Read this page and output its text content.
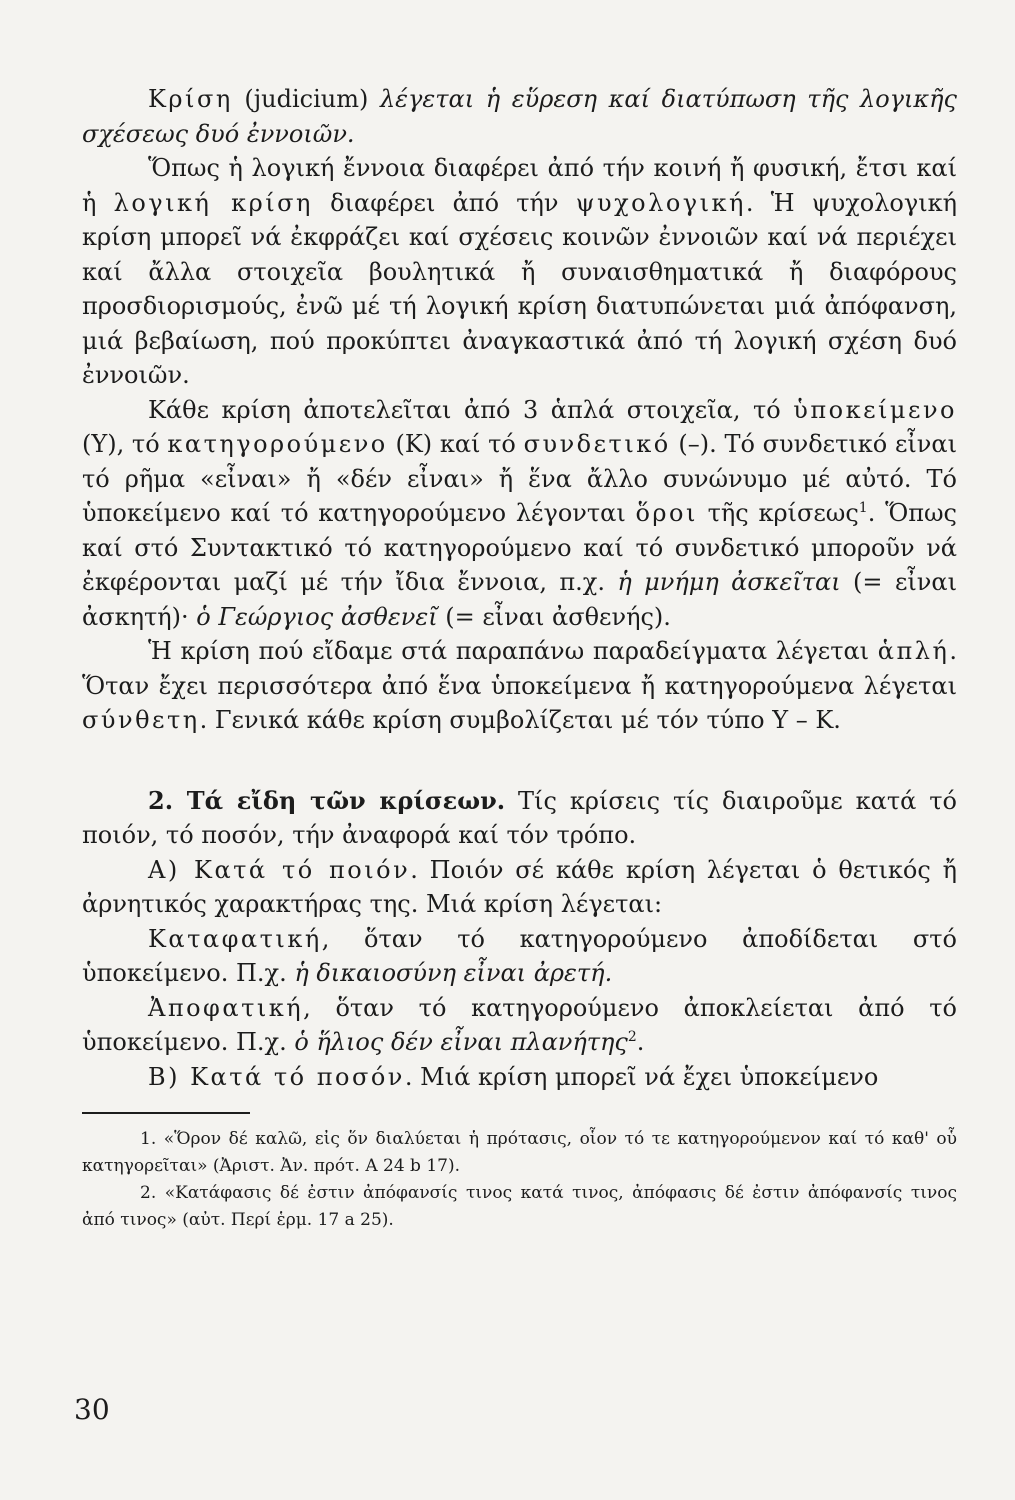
Κρίση (judicium) λέγεται ἡ εὕρεση καί διατύπωση τῆς λογικῆς σχέσεως δυό ἐννοιῶν.

Ὅπως ἡ λογική ἔννοια διαφέρει ἀπό τήν κοινή ἤ φυσική, ἔτσι καί ἡ λογική κρίση διαφέρει ἀπό τήν ψυχολογική. Ἡ ψυχολογική κρίση μπορεῖ νά ἐκφράζει καί σχέσεις κοινῶν ἐννοιῶν καί νά περιέχει καί ἄλλα στοιχεῖα βουλητικά ἤ συναισθηματικά ἤ διαφόρους προσδιορισμούς, ἐνῶ μέ τή λογική κρίση διατυπώνεται μιά ἀπόφανση, μιά βεβαίωση, πού προκύπτει ἀναγκαστικά ἀπό τή λογική σχέση δυό ἐννοιῶν.

Κάθε κρίση ἀποτελεῖται ἀπό 3 ἁπλά στοιχεῖα, τό ὑποκείμενο (Υ), τό κατηγορούμενο (Κ) καί τό συνδετικό (–). Τό συνδετικό εἶναι τό ρῆμα «εἶναι» ἤ «δέν εἶναι» ἤ ἕνα ἄλλο συνώνυμο μέ αὐτό. Τό ὑποκείμενο καί τό κατηγορούμενο λέγονται ὅροι τῆς κρίσεως$^1$. Ὅπως καί στό Συντακτικό τό κατηγορούμενο καί τό συνδετικό μποροῦν νά ἐκφέρονται μαζί μέ τήν ἴδια ἔννοια, π.χ. ἡ μνήμη ἀσκεῖται (= εἶναι ἀσκητή)· ὁ Γεώργιος ἀσθενεῖ (= εἶναι ἀσθενής).

Ἡ κρίση πού εἴδαμε στά παραπάνω παραδείγματα λέγεται ἁπλή. Ὅταν ἔχει περισσότερα ἀπό ἕνα ὑποκείμενα ἤ κατηγορούμενα λέγεται σύνθετη. Γενικά κάθε κρίση συμβολίζεται μέ τόν τύπο Υ – Κ.

2. Τά εἴδη τῶν κρίσεων. Τίς κρίσεις τίς διαιροῦμε κατά τό ποιόν, τό ποσόν, τήν ἀναφορά καί τόν τρόπο.

Α) Κατά τό ποιόν. Ποιόν σέ κάθε κρίση λέγεται ὁ θετικός ἤ ἀρνητικός χαρακτήρας της. Μιά κρίση λέγεται:

Καταφατική, ὅταν τό κατηγορούμενο ἀποδίδεται στό ὑποκείμενο. Π.χ. ἡ δικαιοσύνη εἶναι ἀρετή.

Ἀποφατική, ὅταν τό κατηγορούμενο ἀποκλείεται ἀπό τό ὑποκείμενο. Π.χ. ὁ ἥλιος δέν εἶναι πλανήτης$^2$.

Β) Κατά τό ποσόν. Μιά κρίση μπορεῖ νά ἔχει ὑποκείμενο

1. «Ὅρον δέ καλῶ, εἰς ὅν διαλύεται ἡ πρότασις, οἷον τό τε κατηγορούμενον καί τό καθ' οὗ κατηγορεῖται» (Ἀριστ. Ἀν. πρότ. Α 24 b 17).

2. «Κατάφασις δέ ἐστιν ἀπόφανσίς τινος κατά τινος, ἀπόφασις δέ ἐστιν ἀπόφανσίς τινος ἀπό τινος» (αὐτ. Περί ἑρμ. 17 a 25).

30
